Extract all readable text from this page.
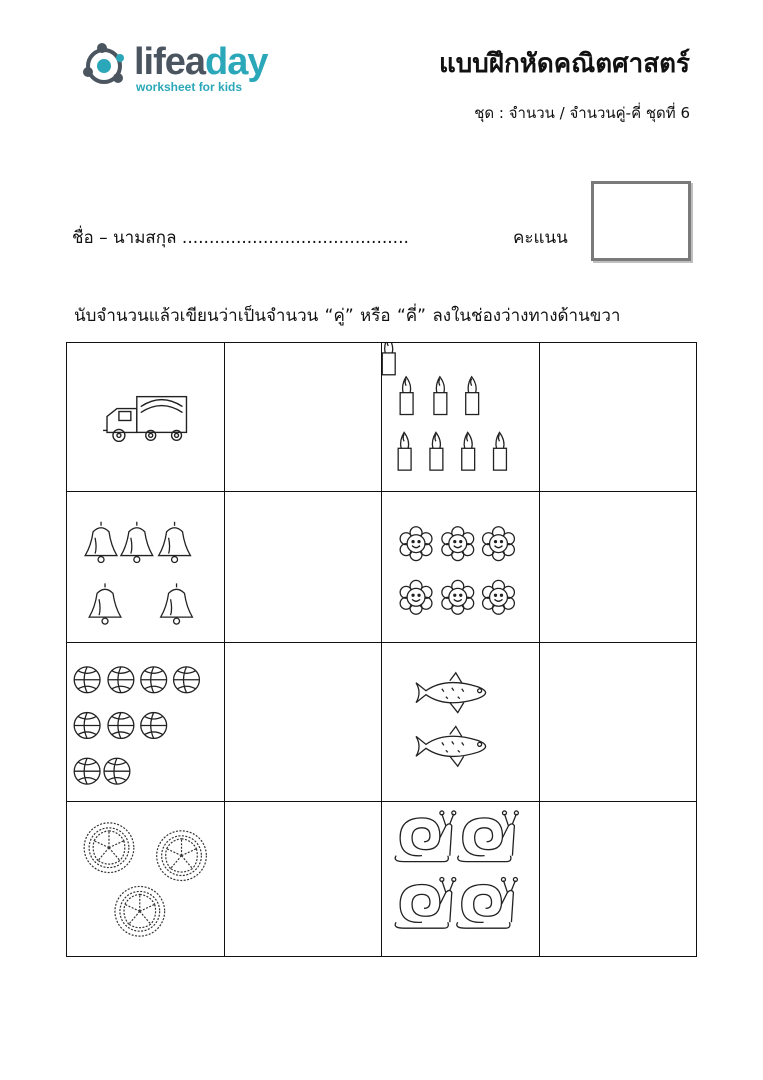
lifeaday
worksheet for kids
แบบฝึกหัดคณิตศาสตร์
ชุด : จำนวน / จำนวนคู่-คี่ ชุดที่ 6
ชื่อ – นามสกุล ..........................................	คะแนน
นับจำนวนแล้วเขียนว่าเป็นจำนวน “คู่” หรือ “คี่” ลงในช่องว่างทางด้านขวา
